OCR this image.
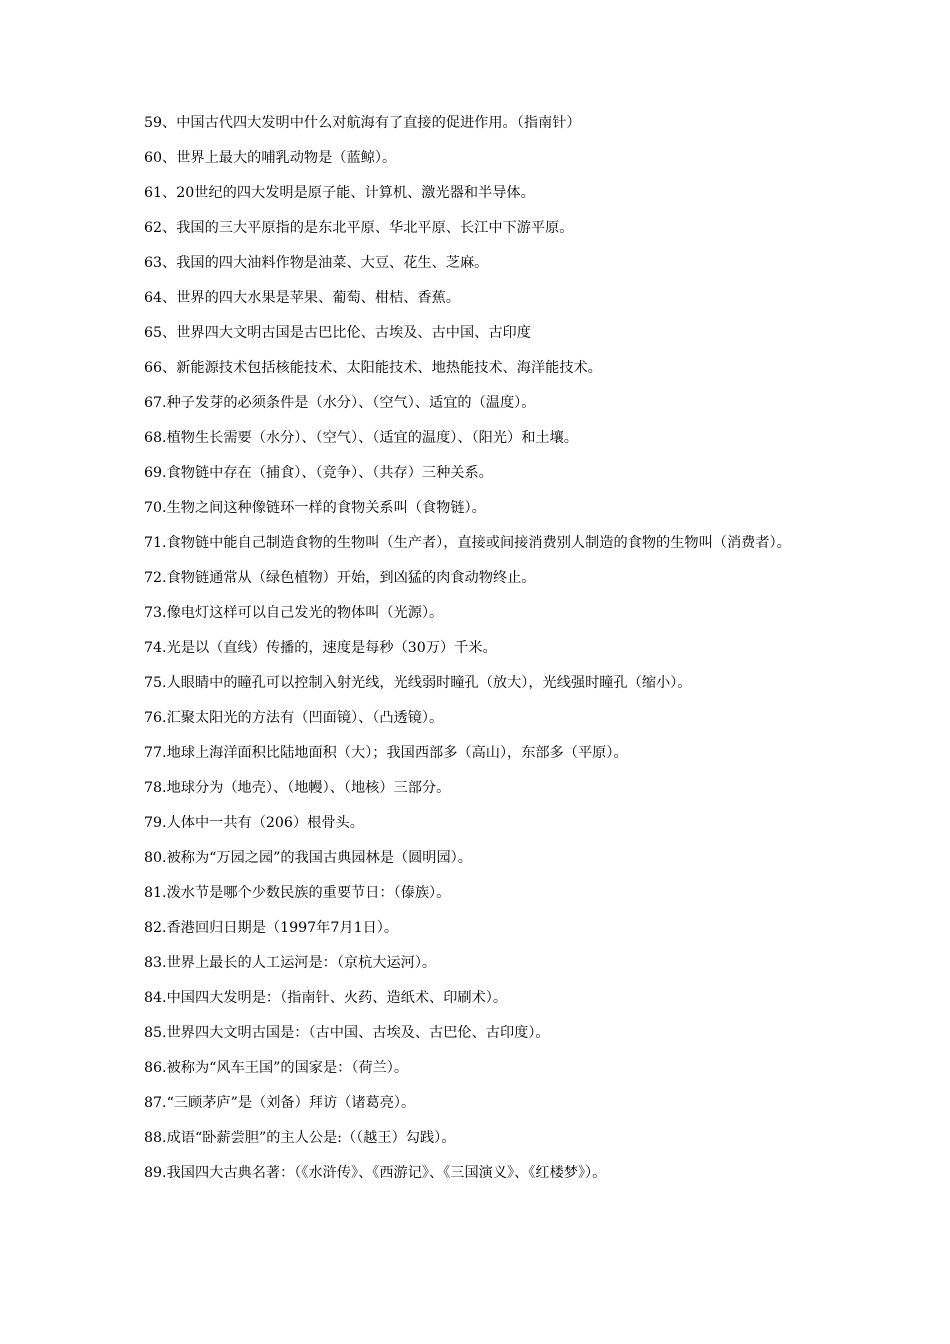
59、中国古代四大发明中什么对航海有了直接的促进作用。（指南针）

60、世界上最大的哺乳动物是（蓝鲸）。

61、20世纪的四大发明是原子能、计算机、激光器和半导体。

62、我国的三大平原指的是东北平原、华北平原、长江中下游平原。

63、我国的四大油料作物是油菜、大豆、花生、芝麻。

64、世界的四大水果是苹果、葡萄、柑桔、香蕉。

65、世界四大文明古国是古巴比伦、古埃及、古中国、古印度

66、新能源技术包括核能技术、太阳能技术、地热能技术、海洋能技术。

67.种子发芽的必须条件是（水分）、（空气）、适宜的（温度）。

68.植物生长需要（水分）、（空气）、（适宜的温度）、（阳光）和土壤。

69.食物链中存在（捕食）、（竞争）、（共存）三种关系。

70.生物之间这种像链环一样的食物关系叫（食物链）。

71.食物链中能自己制造食物的生物叫（生产者），直接或间接消费别人制造的食物的生物叫（消费者）。

72.食物链通常从（绿色植物）开始，到凶猛的肉食动物终止。

73.像电灯这样可以自己发光的物体叫（光源）。

74.光是以（直线）传播的，速度是每秒（30万）千米。

75.人眼睛中的瞳孔可以控制入射光线，光线弱时瞳孔（放大），光线强时瞳孔（缩小）。

76.汇聚太阳光的方法有（凹面镜）、（凸透镜）。

77.地球上海洋面积比陆地面积（大）；我国西部多（高山），东部多（平原）。

78.地球分为（地壳）、（地幔）、（地核）三部分。

79.人体中一共有（206）根骨头。

80.被称为“万园之园”的我国古典园林是（圆明园）。

81.泼水节是哪个少数民族的重要节日：（傣族）。

82.香港回归日期是（1997年7月1日）。

83.世界上最长的人工运河是：（京杭大运河）。

84.中国四大发明是：（指南针、火药、造纸术、印刷术）。

85.世界四大文明古国是：（古中国、古埃及、古巴伦、古印度）。

86.被称为“风车王国”的国家是：（荷兰）。

87.“三顾茅庐”是（刘备）拜访（诸葛亮）。

88.成语“卧薪尝胆”的主人公是:（（越王）勾践）。

89.我国四大古典名著：（《水浒传》、《西游记》、《三国演义》、《红楼梦》）。
